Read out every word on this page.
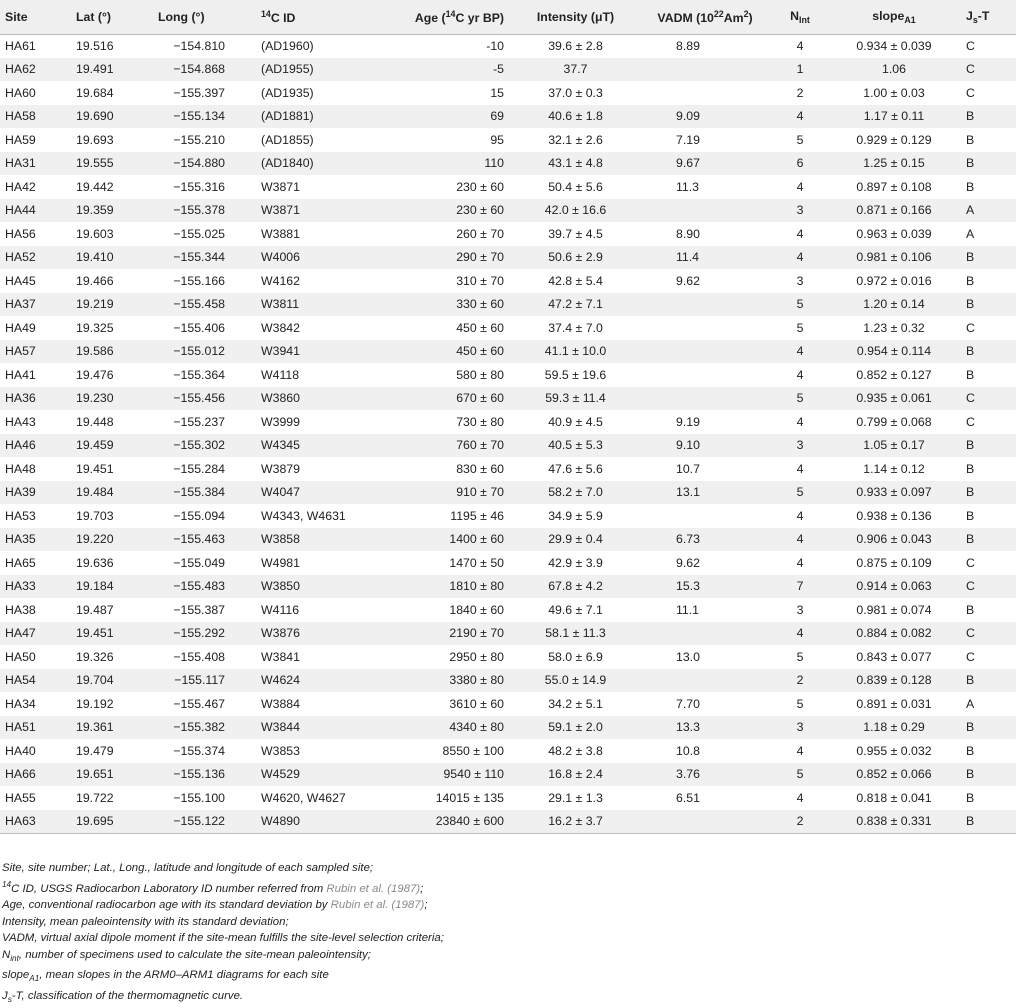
Site	Lat (°)	Long (°)	$^{14}$C ID	Age ($^{14}$C yr BP)	Intensity (μT)	VADM $(10^{22}Am^2)$	$N_{Int}$	slope$_{A1}$	$J_s-T$
HA61	19.516	−154.810	(AD1960)	-10	39.6 ± 2.8	8.89	4	0.934 ± 0.039	C
HA62	19.491	−154.868	(AD1955)	-5	37.7		1	1.06	C
HA60	19.684	−155.397	(AD1935)	15	37.0 ± 0.3		2	1.00 ± 0.03	C
HA58	19.690	−155.134	(AD1881)	69	40.6 ± 1.8	9.09	4	1.17 ± 0.11	B
HA59	19.693	−155.210	(AD1855)	95	32.1 ± 2.6	7.19	5	0.929 ± 0.129	B
HA31	19.555	−154.880	(AD1840)	110	43.1 ± 4.8	9.67	6	1.25 ± 0.15	B
HA42	19.442	−155.316	W3871	230 ± 60	50.4 ± 5.6	11.3	4	0.897 ± 0.108	B
HA44	19.359	−155.378	W3871	230 ± 60	42.0 ± 16.6		3	0.871 ± 0.166	A
HA56	19.603	−155.025	W3881	260 ± 70	39.7 ± 4.5	8.90	4	0.963 ± 0.039	A
HA52	19.410	−155.344	W4006	290 ± 70	50.6 ± 2.9	11.4	4	0.981 ± 0.106	B
HA45	19.466	−155.166	W4162	310 ± 70	42.8 ± 5.4	9.62	3	0.972 ± 0.016	B
HA37	19.219	−155.458	W3811	330 ± 60	47.2 ± 7.1		5	1.20 ± 0.14	B
HA49	19.325	−155.406	W3842	450 ± 60	37.4 ± 7.0		5	1.23 ± 0.32	C
HA57	19.586	−155.012	W3941	450 ± 60	41.1 ± 10.0		4	0.954 ± 0.114	B
HA41	19.476	−155.364	W4118	580 ± 80	59.5 ± 19.6		4	0.852 ± 0.127	B
HA36	19.230	−155.456	W3860	670 ± 60	59.3 ± 11.4		5	0.935 ± 0.061	C
HA43	19.448	−155.237	W3999	730 ± 80	40.9 ± 4.5	9.19	4	0.799 ± 0.068	C
HA46	19.459	−155.302	W4345	760 ± 70	40.5 ± 5.3	9.10	3	1.05 ± 0.17	B
HA48	19.451	−155.284	W3879	830 ± 60	47.6 ± 5.6	10.7	4	1.14 ± 0.12	B
HA39	19.484	−155.384	W4047	910 ± 70	58.2 ± 7.0	13.1	5	0.933 ± 0.097	B
HA53	19.703	−155.094	W4343, W4631	1195 ± 46	34.9 ± 5.9		4	0.938 ± 0.136	B
HA35	19.220	−155.463	W3858	1400 ± 60	29.9 ± 0.4	6.73	4	0.906 ± 0.043	B
HA65	19.636	−155.049	W4981	1470 ± 50	42.9 ± 3.9	9.62	4	0.875 ± 0.109	C
HA33	19.184	−155.483	W3850	1810 ± 80	67.8 ± 4.2	15.3	7	0.914 ± 0.063	C
HA38	19.487	−155.387	W4116	1840 ± 60	49.6 ± 7.1	11.1	3	0.981 ± 0.074	B
HA47	19.451	−155.292	W3876	2190 ± 70	58.1 ± 11.3		4	0.884 ± 0.082	C
HA50	19.326	−155.408	W3841	2950 ± 80	58.0 ± 6.9	13.0	5	0.843 ± 0.077	C
HA54	19.704	−155.117	W4624	3380 ± 80	55.0 ± 14.9		2	0.839 ± 0.128	B
HA34	19.192	−155.467	W3884	3610 ± 60	34.2 ± 5.1	7.70	5	0.891 ± 0.031	A
HA51	19.361	−155.382	W3844	4340 ± 80	59.1 ± 2.0	13.3	3	1.18 ± 0.29	B
HA40	19.479	−155.374	W3853	8550 ± 100	48.2 ± 3.8	10.8	4	0.955 ± 0.032	B
HA66	19.651	−155.136	W4529	9540 ± 110	16.8 ± 2.4	3.76	5	0.852 ± 0.066	B
HA55	19.722	−155.100	W4620, W4627	14015 ± 135	29.1 ± 1.3	6.51	4	0.818 ± 0.041	B
HA63	19.695	−155.122	W4890	23840 ± 600	16.2 ± 3.7		2	0.838 ± 0.331	B
Site, site number; Lat., Long., latitude and longitude of each sampled site;
$^{14}$C ID, USGS Radiocarbon Laboratory ID number referred from Rubin et al. (1987);
Age, conventional radiocarbon age with its standard deviation by Rubin et al. (1987);
Intensity, mean paleointensity with its standard deviation;
VADM, virtual axial dipole moment if the site-mean fulfills the site-level selection criteria;
$N_{int}$, number of specimens used to calculate the site-mean paleointensity;
slope$_{A1}$, mean slopes in the ARM0–ARM1 diagrams for each site
$J_s-T$, classification of the thermomagnetic curve.
